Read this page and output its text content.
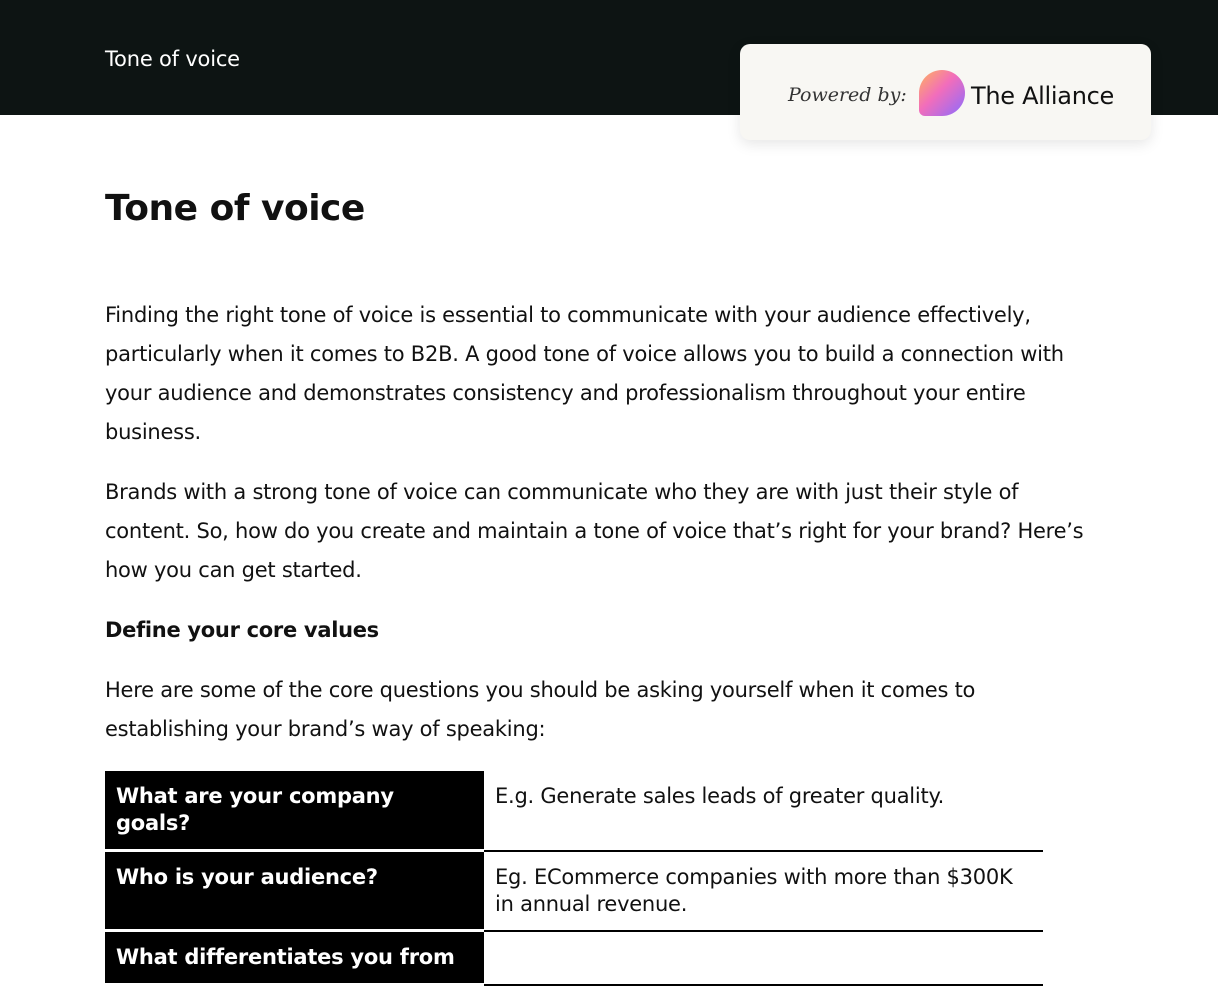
Tone of voice
Powered by:	The Alliance
Tone of voice

Finding the right tone of voice is essential to communicate with your audience effectively, particularly when it comes to B2B. A good tone of voice allows you to build a connection with your audience and demonstrates consistency and professionalism throughout your entire business.

Brands with a strong tone of voice can communicate who they are with just their style of content. So, how do you create and maintain a tone of voice that’s right for your brand? Here’s how you can get started.

Define your core values

Here are some of the core questions you should be asking yourself when it comes to establishing your brand’s way of speaking:

What are your company goals?	E.g. Generate sales leads of greater quality.
Who is your audience?	Eg. ECommerce companies with more than $300K in annual revenue.
What differentiates you from	
